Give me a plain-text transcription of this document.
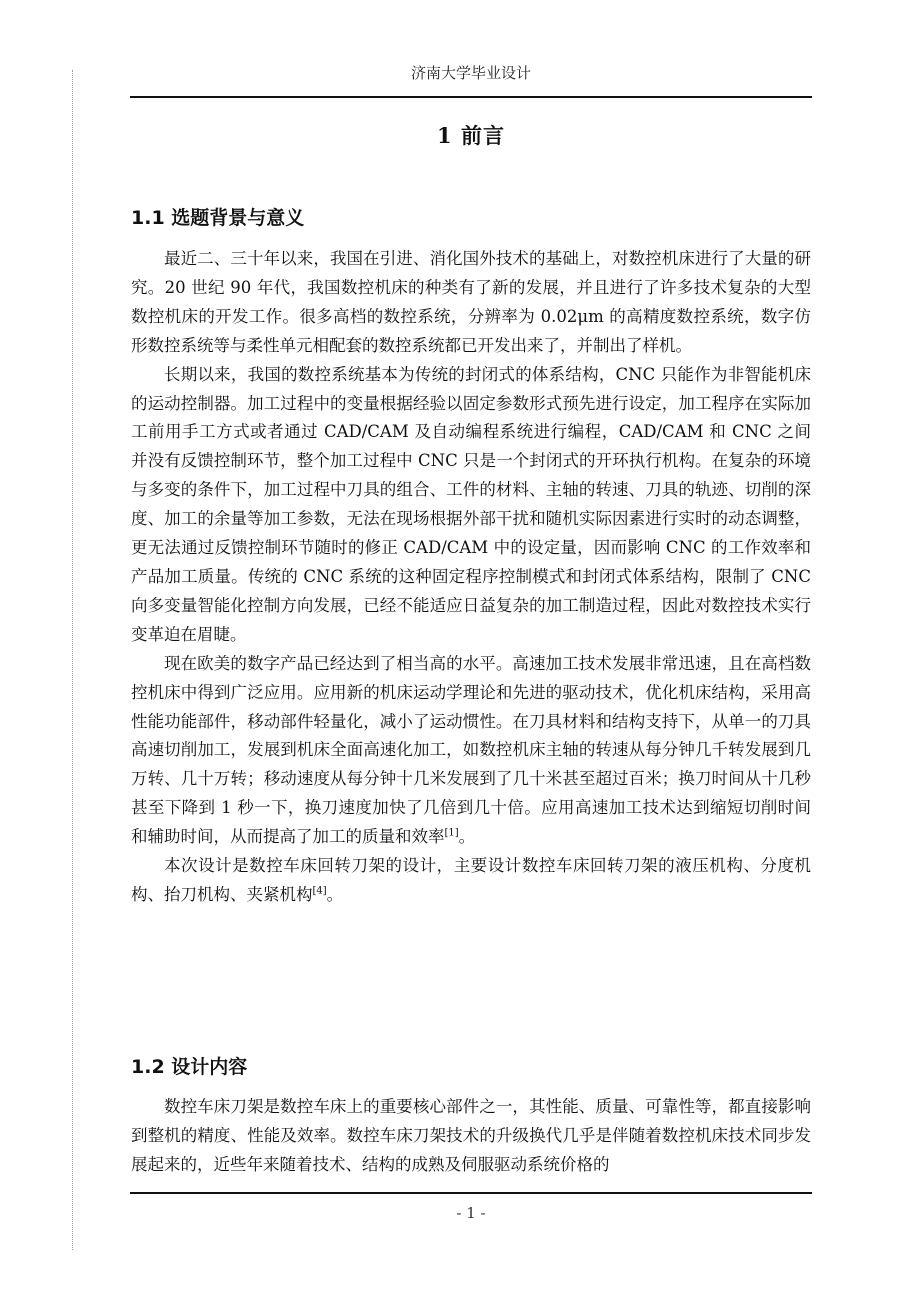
济南大学毕业设计
1 前言
1.1 选题背景与意义

最近二、三十年以来，我国在引进、消化国外技术的基础上，对数控机床进行了大量的研究。20 世纪 90 年代，我国数控机床的种类有了新的发展，并且进行了许多技术复杂的大型数控机床的开发工作。很多高档的数控系统，分辨率为 0.02μm 的高精度数控系统，数字仿形数控系统等与柔性单元相配套的数控系统都已开发出来了，并制出了样机。

长期以来，我国的数控系统基本为传统的封闭式的体系结构，CNC 只能作为非智能机床的运动控制器。加工过程中的变量根据经验以固定参数形式预先进行设定，加工程序在实际加工前用手工方式或者通过 CAD/CAM 及自动编程系统进行编程，CAD/CAM 和 CNC 之间并没有反馈控制环节，整个加工过程中 CNC 只是一个封闭式的开环执行机构。在复杂的环境与多变的条件下，加工过程中刀具的组合、工件的材料、主轴的转速、刀具的轨迹、切削的深度、加工的余量等加工参数，无法在现场根据外部干扰和随机实际因素进行实时的动态调整，更无法通过反馈控制环节随时的修正 CAD/CAM 中的设定量，因而影响 CNC 的工作效率和产品加工质量。传统的 CNC 系统的这种固定程序控制模式和封闭式体系结构，限制了 CNC 向多变量智能化控制方向发展，已经不能适应日益复杂的加工制造过程，因此对数控技术实行变革迫在眉睫。

现在欧美的数字产品已经达到了相当高的水平。高速加工技术发展非常迅速，且在高档数控机床中得到广泛应用。应用新的机床运动学理论和先进的驱动技术，优化机床结构，采用高性能功能部件，移动部件轻量化，减小了运动惯性。在刀具材料和结构支持下，从单一的刀具高速切削加工，发展到机床全面高速化加工，如数控机床主轴的转速从每分钟几千转发展到几万转、几十万转；移动速度从每分钟十几米发展到了几十米甚至超过百米；换刀时间从十几秒甚至下降到 1 秒一下，换刀速度加快了几倍到几十倍。应用高速加工技术达到缩短切削时间和辅助时间，从而提高了加工的质量和效率[1]。

本次设计是数控车床回转刀架的设计，主要设计数控车床回转刀架的液压机构、分度机构、抬刀机构、夹紧机构[4]。

1.2 设计内容

数控车床刀架是数控车床上的重要核心部件之一，其性能、质量、可靠性等，都直接影响到整机的精度、性能及效率。数控车床刀架技术的升级换代几乎是伴随着数控机床技术同步发展起来的，近些年来随着技术、结构的成熟及伺服驱动系统价格的

- 1 -
